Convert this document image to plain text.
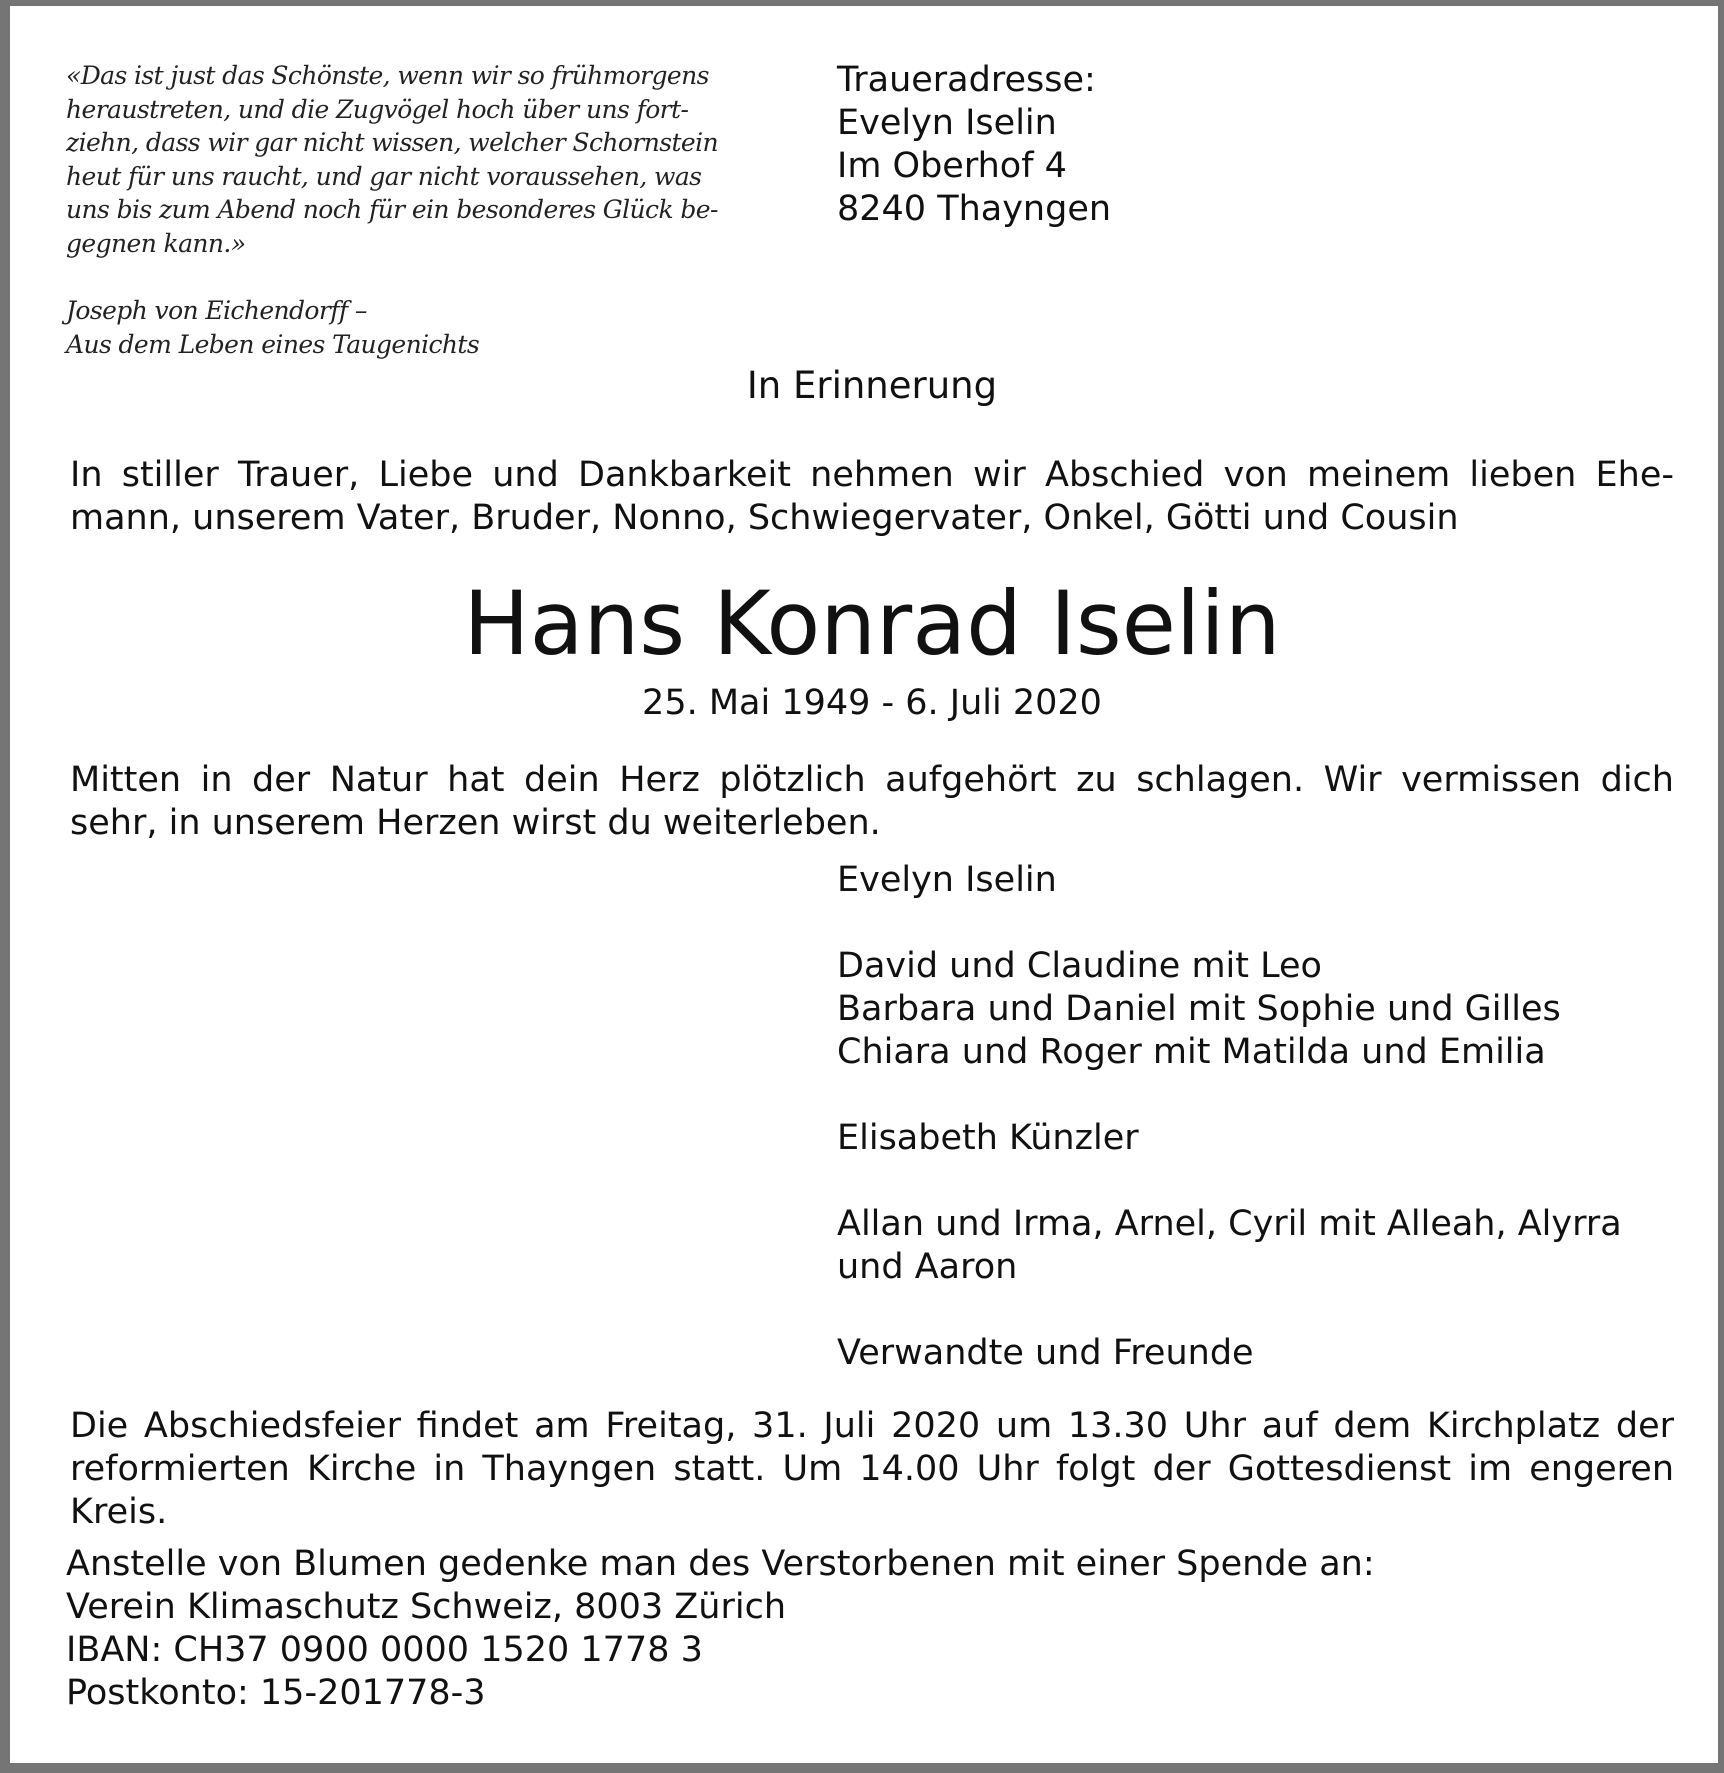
«Das ist just das Schönste, wenn wir so frühmorgens
heraustreten, und die Zugvögel hoch über uns fort-
ziehn, dass wir gar nicht wissen, welcher Schornstein
heut für uns raucht, und gar nicht voraussehen, was
uns bis zum Abend noch für ein besonderes Glück be-
gegnen kann.»
Joseph von Eichendorff –
Aus dem Leben eines Taugenichts
Traueradresse:
Evelyn Iselin
Im Oberhof 4
8240 Thayngen
In Erinnerung
In stiller Trauer, Liebe und Dankbarkeit nehmen wir Abschied von meinem lieben Ehe-
mann, unserem Vater, Bruder, Nonno, Schwiegervater, Onkel, Götti und Cousin
Hans Konrad Iselin
25. Mai 1949 - 6. Juli 2020
Mitten in der Natur hat dein Herz plötzlich aufgehört zu schlagen. Wir vermissen dich
sehr, in unserem Herzen wirst du weiterleben.
Evelyn Iselin
David und Claudine mit Leo
Barbara und Daniel mit Sophie und Gilles
Chiara und Roger mit Matilda und Emilia
Elisabeth Künzler
Allan und Irma, Arnel, Cyril mit Alleah, Alyrra
und Aaron
Verwandte und Freunde
Die Abschiedsfeier findet am Freitag, 31. Juli 2020 um 13.30 Uhr auf dem Kirchplatz der
reformierten Kirche in Thayngen statt. Um 14.00 Uhr folgt der Gottesdienst im engeren
Kreis.
Anstelle von Blumen gedenke man des Verstorbenen mit einer Spende an:
Verein Klimaschutz Schweiz, 8003 Zürich
IBAN: CH37 0900 0000 1520 1778 3
Postkonto: 15-201778-3
